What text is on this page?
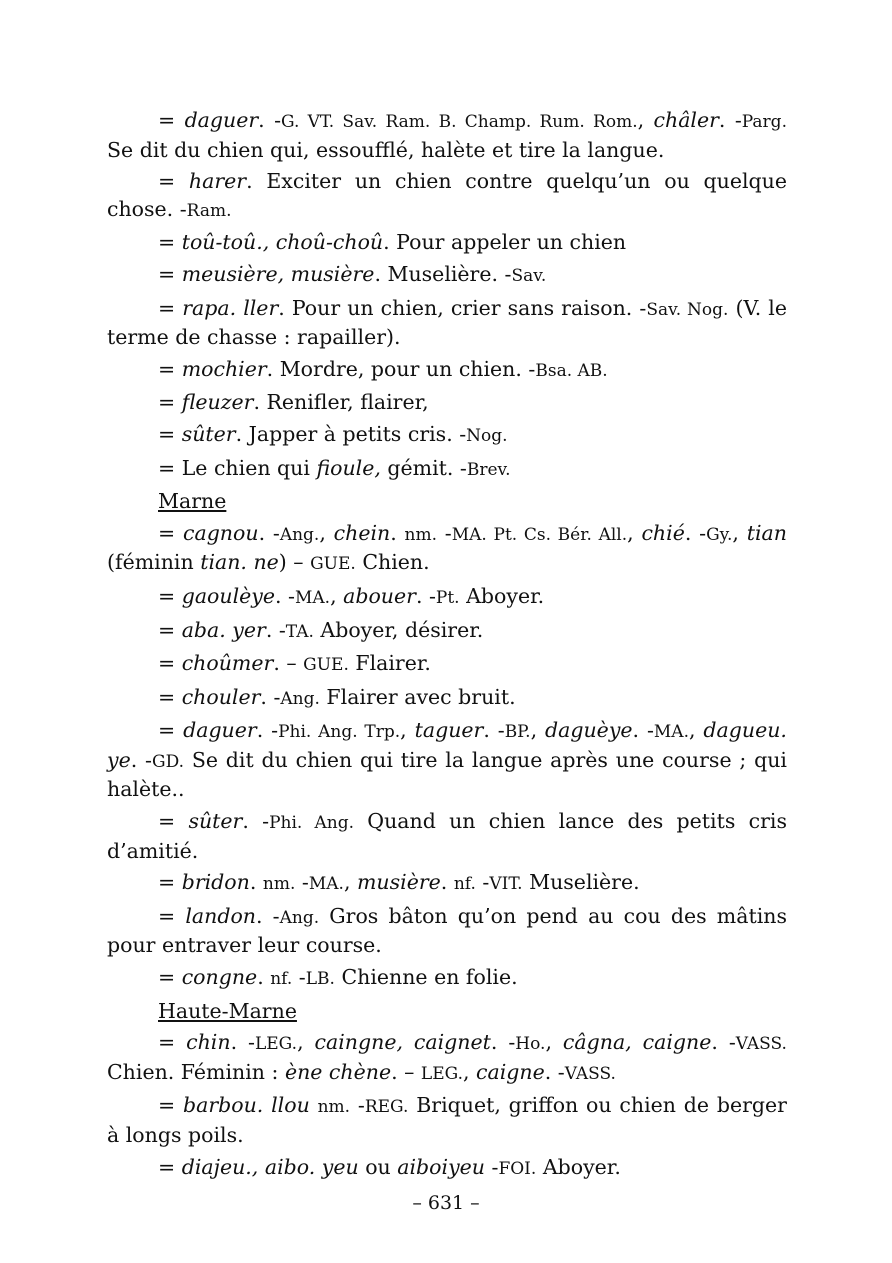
= daguer. -G. VT. Sav. Ram. B. Champ. Rum. Rom., châler. -Parg. Se dit du chien qui, essoufflé, halète et tire la langue.

= harer. Exciter un chien contre quelqu’un ou quelque chose. -Ram.

= toû-toû., choû-choû. Pour appeler un chien

= meusière, musière. Muselière. -Sav.

= rapa. ller. Pour un chien, crier sans raison. -Sav. Nog. (V. le terme de chasse : rapailler).

= mochier. Mordre, pour un chien. -Bsa. AB.

= fleuzer. Renifler, flairer,

= sûter. Japper à petits cris. -Nog.

= Le chien qui fioule, gémit. -Brev.

Marne

= cagnou. -Ang., chein. nm. -MA. Pt. Cs. Bér. All., chié. -Gy., tian (féminin tian. ne) – GUE. Chien.

= gaoulèye. -MA., abouer. -Pt. Aboyer.

= aba. yer. -TA. Aboyer, désirer.

= choûmer. – GUE. Flairer.

= chouler. -Ang. Flairer avec bruit.

= daguer. -Phi. Ang. Trp., taguer. -BP., daguèye. -MA., dagueu. ye. -GD. Se dit du chien qui tire la langue après une course ; qui halète..

= sûter. -Phi. Ang. Quand un chien lance des petits cris d’amitié.

= bridon. nm. -MA., musière. nf. -VIT. Muselière.

= landon. -Ang. Gros bâton qu’on pend au cou des mâtins pour entraver leur course.

= congne. nf. -LB. Chienne en folie.

Haute-Marne

= chin. -LEG., caingne, caignet. -Ho., câgna, caigne. -VASS. Chien. Féminin : ène chène. – LEG., caigne. -VASS.

= barbou. llou nm. -REG. Briquet, griffon ou chien de berger à longs poils.

= diajeu., aibo. yeu ou aiboiyeu -FOI. Aboyer.

– 631 –
